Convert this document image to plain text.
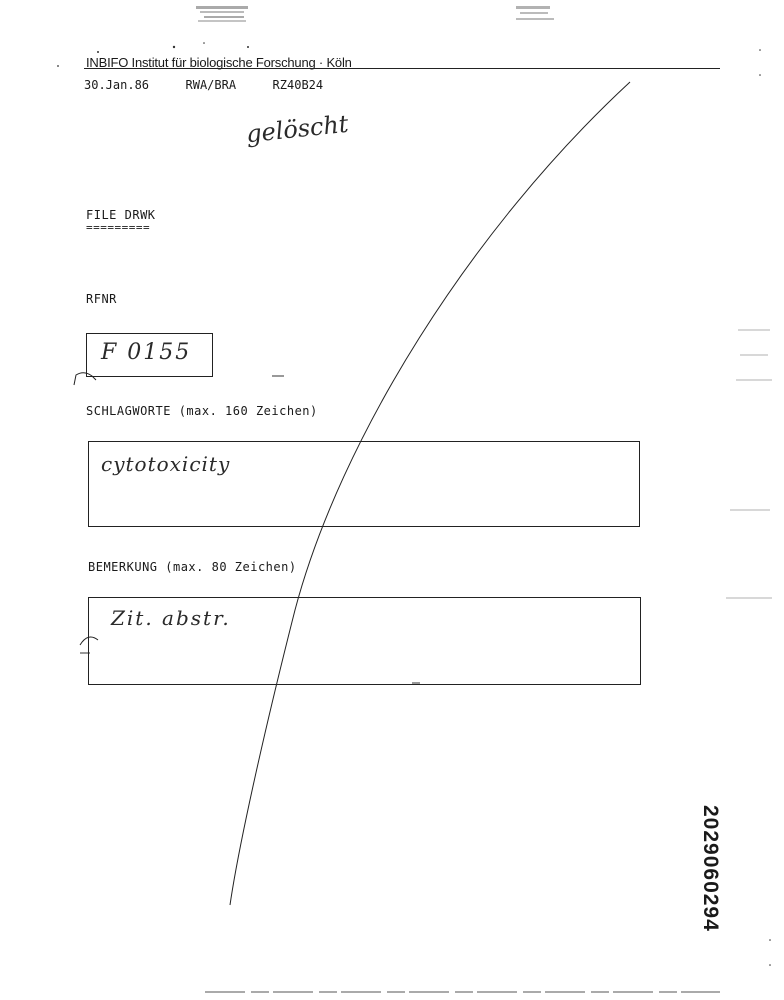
INBIFO Institut für biologische Forschung · Köln
30.Jan.86	RWA/BRA	RZ40B24
gelöscht
FILE DRWK
=========
RFNR
F 0155
SCHLAGWORTE (max. 160 Zeichen)
cytotoxicity
BEMERKUNG (max. 80 Zeichen)
Zit. abstr.
2029060294
